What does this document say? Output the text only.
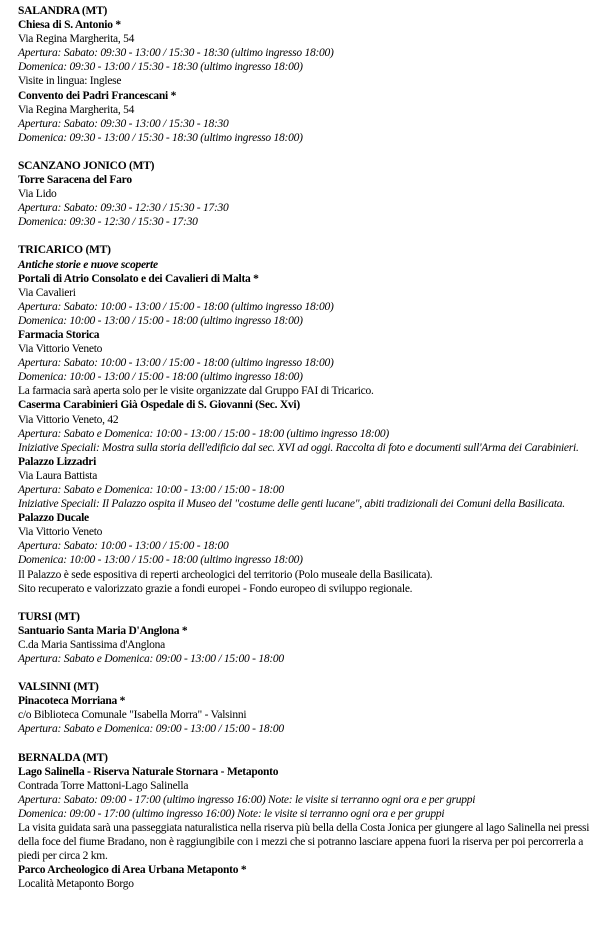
SALANDRA (MT)
Chiesa di S. Antonio *
Via Regina Margherita, 54
Apertura: Sabato: 09:30 - 13:00 / 15:30 - 18:30 (ultimo ingresso 18:00)
Domenica: 09:30 - 13:00 / 15:30 - 18:30 (ultimo ingresso 18:00)
Visite in lingua: Inglese
Convento dei Padri Francescani *
Via Regina Margherita, 54
Apertura: Sabato: 09:30 - 13:00 / 15:30 - 18:30
Domenica: 09:30 - 13:00 / 15:30 - 18:30 (ultimo ingresso 18:00)
SCANZANO JONICO (MT)
Torre Saracena del Faro
Via Lido
Apertura: Sabato: 09:30 - 12:30 / 15:30 - 17:30
Domenica: 09:30 - 12:30 / 15:30 - 17:30
TRICARICO (MT)
Antiche storie e nuove scoperte
Portali di Atrio Consolato e dei Cavalieri di Malta *
Via Cavalieri
Apertura: Sabato: 10:00 - 13:00 / 15:00 - 18:00 (ultimo ingresso 18:00)
Domenica: 10:00 - 13:00 / 15:00 - 18:00 (ultimo ingresso 18:00)
Farmacia Storica
Via Vittorio Veneto
Apertura: Sabato: 10:00 - 13:00 / 15:00 - 18:00 (ultimo ingresso 18:00)
Domenica: 10:00 - 13:00 / 15:00 - 18:00 (ultimo ingresso 18:00)
La farmacia sarà aperta solo per le visite organizzate dal Gruppo FAI di Tricarico.
Caserma Carabinieri Già Ospedale di S. Giovanni (Sec. Xvi)
Via Vittorio Veneto, 42
Apertura: Sabato e Domenica: 10:00 - 13:00 / 15:00 - 18:00 (ultimo ingresso 18:00)
Iniziative Speciali: Mostra sulla storia dell'edificio dal sec. XVI ad oggi. Raccolta di foto e documenti sull'Arma dei Carabinieri.
Palazzo Lizzadri
Via Laura Battista
Apertura: Sabato e Domenica: 10:00 - 13:00 / 15:00 - 18:00
Iniziative Speciali: Il Palazzo ospita il Museo del "costume delle genti lucane", abiti tradizionali dei Comuni della Basilicata.
Palazzo Ducale
Via Vittorio Veneto
Apertura: Sabato: 10:00 - 13:00 / 15:00 - 18:00
Domenica: 10:00 - 13:00 / 15:00 - 18:00 (ultimo ingresso 18:00)
Il Palazzo è sede espositiva di reperti archeologici del territorio (Polo museale della Basilicata).
Sito recuperato e valorizzato grazie a fondi europei - Fondo europeo di sviluppo regionale.
TURSI (MT)
Santuario Santa Maria D'Anglona *
C.da Maria Santissima d'Anglona
Apertura: Sabato e Domenica: 09:00 - 13:00 / 15:00 - 18:00
VALSINNI (MT)
Pinacoteca Morriana *
c/o Biblioteca Comunale "Isabella Morra" - Valsinni
Apertura: Sabato e Domenica: 09:00 - 13:00 / 15:00 - 18:00
BERNALDA (MT)
Lago Salinella - Riserva Naturale Stornara - Metaponto
Contrada Torre Mattoni-Lago Salinella
Apertura: Sabato: 09:00 - 17:00 (ultimo ingresso 16:00) Note: le visite si terranno ogni ora e per gruppi
Domenica: 09:00 - 17:00 (ultimo ingresso 16:00) Note: le visite si terranno ogni ora e per gruppi
La visita guidata sarà una passeggiata naturalistica nella riserva più bella della Costa Jonica per giungere al lago Salinella nei pressi della foce del fiume Bradano, non è raggiungibile con i mezzi che si potranno lasciare appena fuori la riserva per poi percorrerla a piedi per circa 2 km.
Parco Archeologico di Area Urbana Metaponto *
Località Metaponto Borgo
